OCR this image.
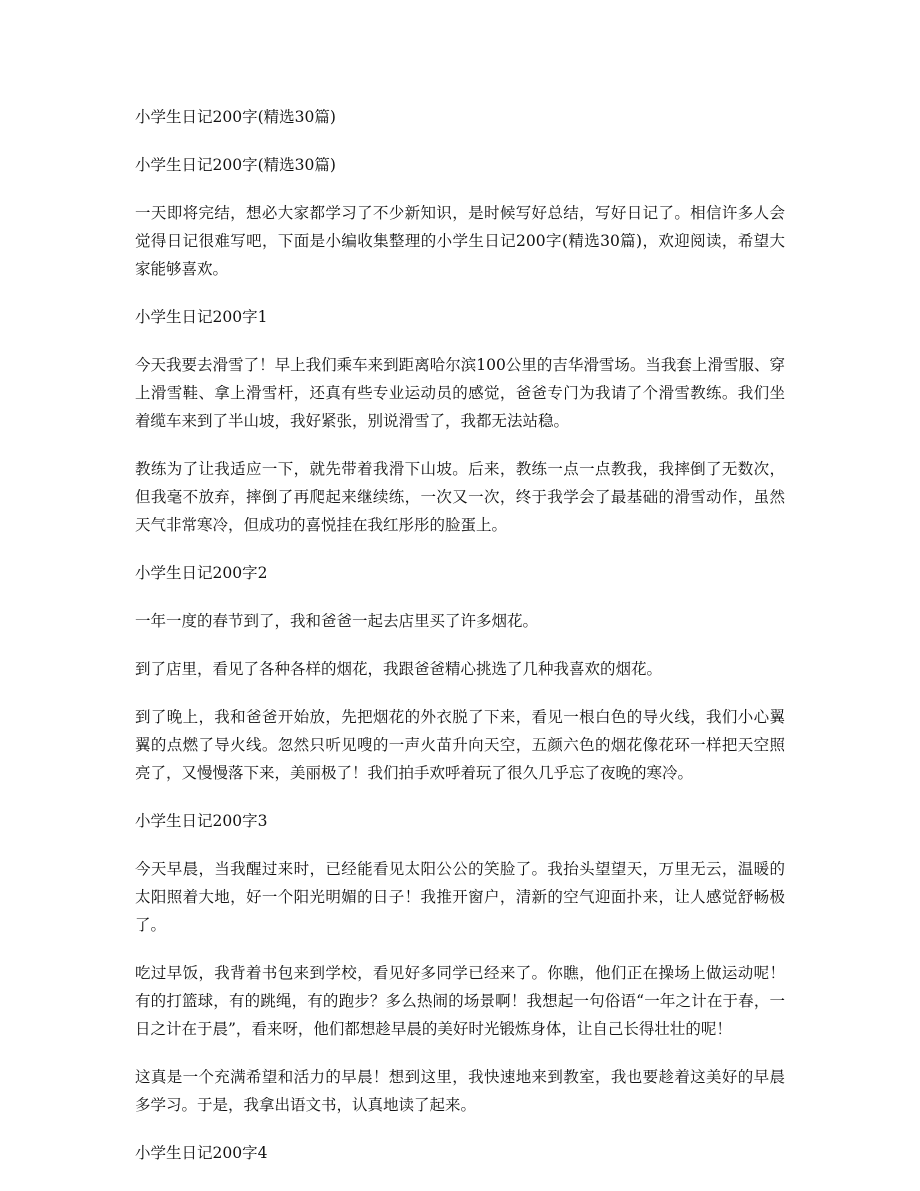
小学生日记200字(精选30篇)

小学生日记200字(精选30篇)

一天即将完结，想必大家都学习了不少新知识，是时候写好总结，写好日记了。相信许多人会觉得日记很难写吧，下面是小编收集整理的小学生日记200字(精选30篇)，欢迎阅读，希望大家能够喜欢。

小学生日记200字1

今天我要去滑雪了！早上我们乘车来到距离哈尔滨100公里的吉华滑雪场。当我套上滑雪服、穿上滑雪鞋、拿上滑雪杆，还真有些专业运动员的感觉，爸爸专门为我请了个滑雪教练。我们坐着缆车来到了半山坡，我好紧张，别说滑雪了，我都无法站稳。

教练为了让我适应一下，就先带着我滑下山坡。后来，教练一点一点教我，我摔倒了无数次，但我毫不放弃，摔倒了再爬起来继续练，一次又一次，终于我学会了最基础的滑雪动作，虽然天气非常寒冷，但成功的喜悦挂在我红彤彤的脸蛋上。

小学生日记200字2

一年一度的春节到了，我和爸爸一起去店里买了许多烟花。

到了店里，看见了各种各样的烟花，我跟爸爸精心挑选了几种我喜欢的烟花。

到了晚上，我和爸爸开始放，先把烟花的外衣脱了下来，看见一根白色的导火线，我们小心翼翼的点燃了导火线。忽然只听见嗖的一声火苗升向天空，五颜六色的烟花像花环一样把天空照亮了，又慢慢落下来，美丽极了！我们拍手欢呼着玩了很久几乎忘了夜晚的寒冷。

小学生日记200字3

今天早晨，当我醒过来时，已经能看见太阳公公的笑脸了。我抬头望望天，万里无云，温暖的太阳照着大地，好一个阳光明媚的日子！我推开窗户，清新的空气迎面扑来，让人感觉舒畅极了。

吃过早饭，我背着书包来到学校，看见好多同学已经来了。你瞧，他们正在操场上做运动呢！有的打篮球，有的跳绳，有的跑步？多么热闹的场景啊！我想起一句俗语“一年之计在于春，一日之计在于晨”，看来呀，他们都想趁早晨的美好时光锻炼身体，让自己长得壮壮的呢！

这真是一个充满希望和活力的早晨！想到这里，我快速地来到教室，我也要趁着这美好的早晨多学习。于是，我拿出语文书，认真地读了起来。

小学生日记200字4
